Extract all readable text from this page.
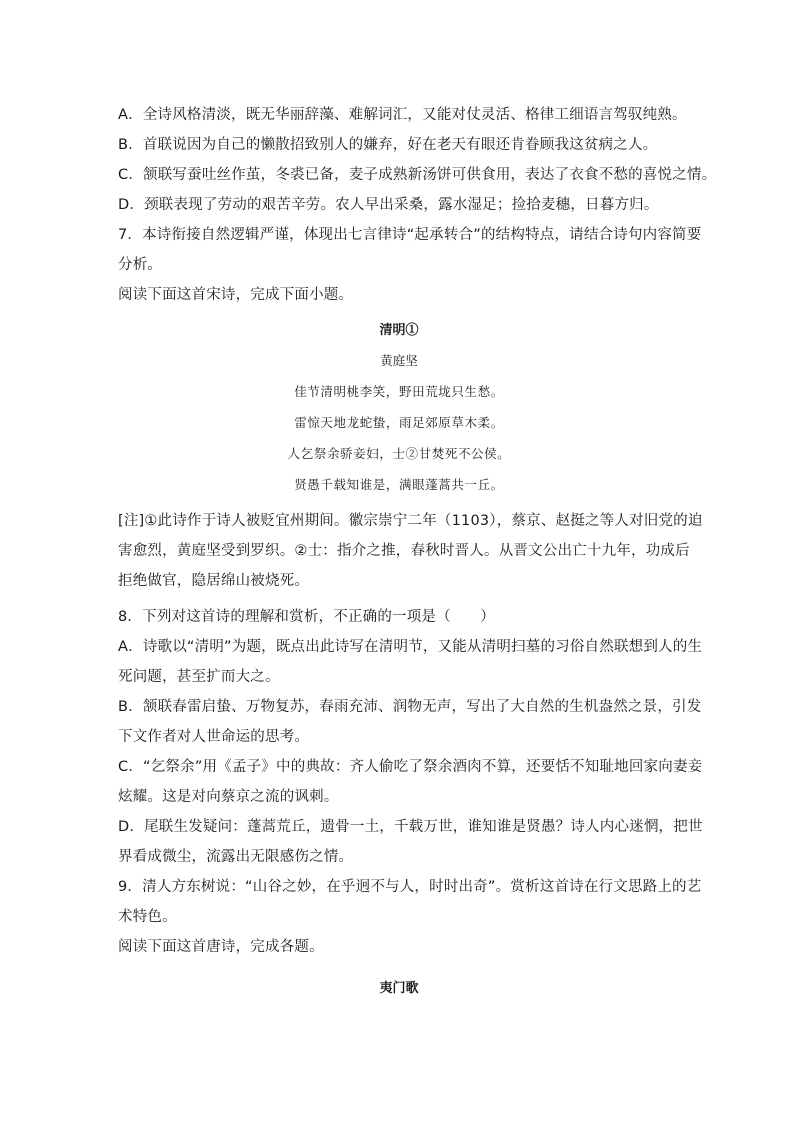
A．全诗风格清淡，既无华丽辞藻、难解词汇，又能对仗灵活、格律工细语言驾驭纯熟。
B．首联说因为自己的懒散招致别人的嫌弃，好在老天有眼还肯眷顾我这贫病之人。
C．颔联写蚕吐丝作茧，冬裘已备，麦子成熟新汤饼可供食用，表达了衣食不愁的喜悦之情。
D．颈联表现了劳动的艰苦辛劳。农人早出采桑，露水湿足；捡拾麦穗，日暮方归。
7．本诗衔接自然逻辑严谨，体现出七言律诗“起承转合”的结构特点，请结合诗句内容简要
分析。
阅读下面这首宋诗，完成下面小题。
清明①
黄庭坚
佳节清明桃李笑，野田荒垅只生愁。
雷惊天地龙蛇蛰，雨足郊原草木柔。
人乞祭余骄妾妇，士②甘焚死不公侯。
贤愚千载知谁是，满眼蓬蒿共一丘。
[注]①此诗作于诗人被贬宜州期间。徽宗崇宁二年（1103），蔡京、赵挺之等人对旧党的迫
害愈烈，黄庭坚受到罗织。②士：指介之推，春秋时晋人。从晋文公出亡十九年，功成后
拒绝做官，隐居绵山被烧死。
8．下列对这首诗的理解和赏析，不正确的一项是（　　）
A．诗歌以“清明”为题，既点出此诗写在清明节，又能从清明扫墓的习俗自然联想到人的生
死问题，甚至扩而大之。
B．颔联春雷启蛰、万物复苏，春雨充沛、润物无声，写出了大自然的生机盎然之景，引发
下文作者对人世命运的思考。
C．“乞祭余”用《孟子》中的典故：齐人偷吃了祭余酒肉不算，还要恬不知耻地回家向妻妾
炫耀。这是对向蔡京之流的讽刺。
D．尾联生发疑问：蓬蒿荒丘，遗骨一土，千载万世，谁知谁是贤愚？诗人内心迷惘，把世
界看成微尘，流露出无限感伤之情。
9．清人方东树说：“山谷之妙，在乎迥不与人，时时出奇”。赏析这首诗在行文思路上的艺
术特色。
阅读下面这首唐诗，完成各题。
夷门歌
